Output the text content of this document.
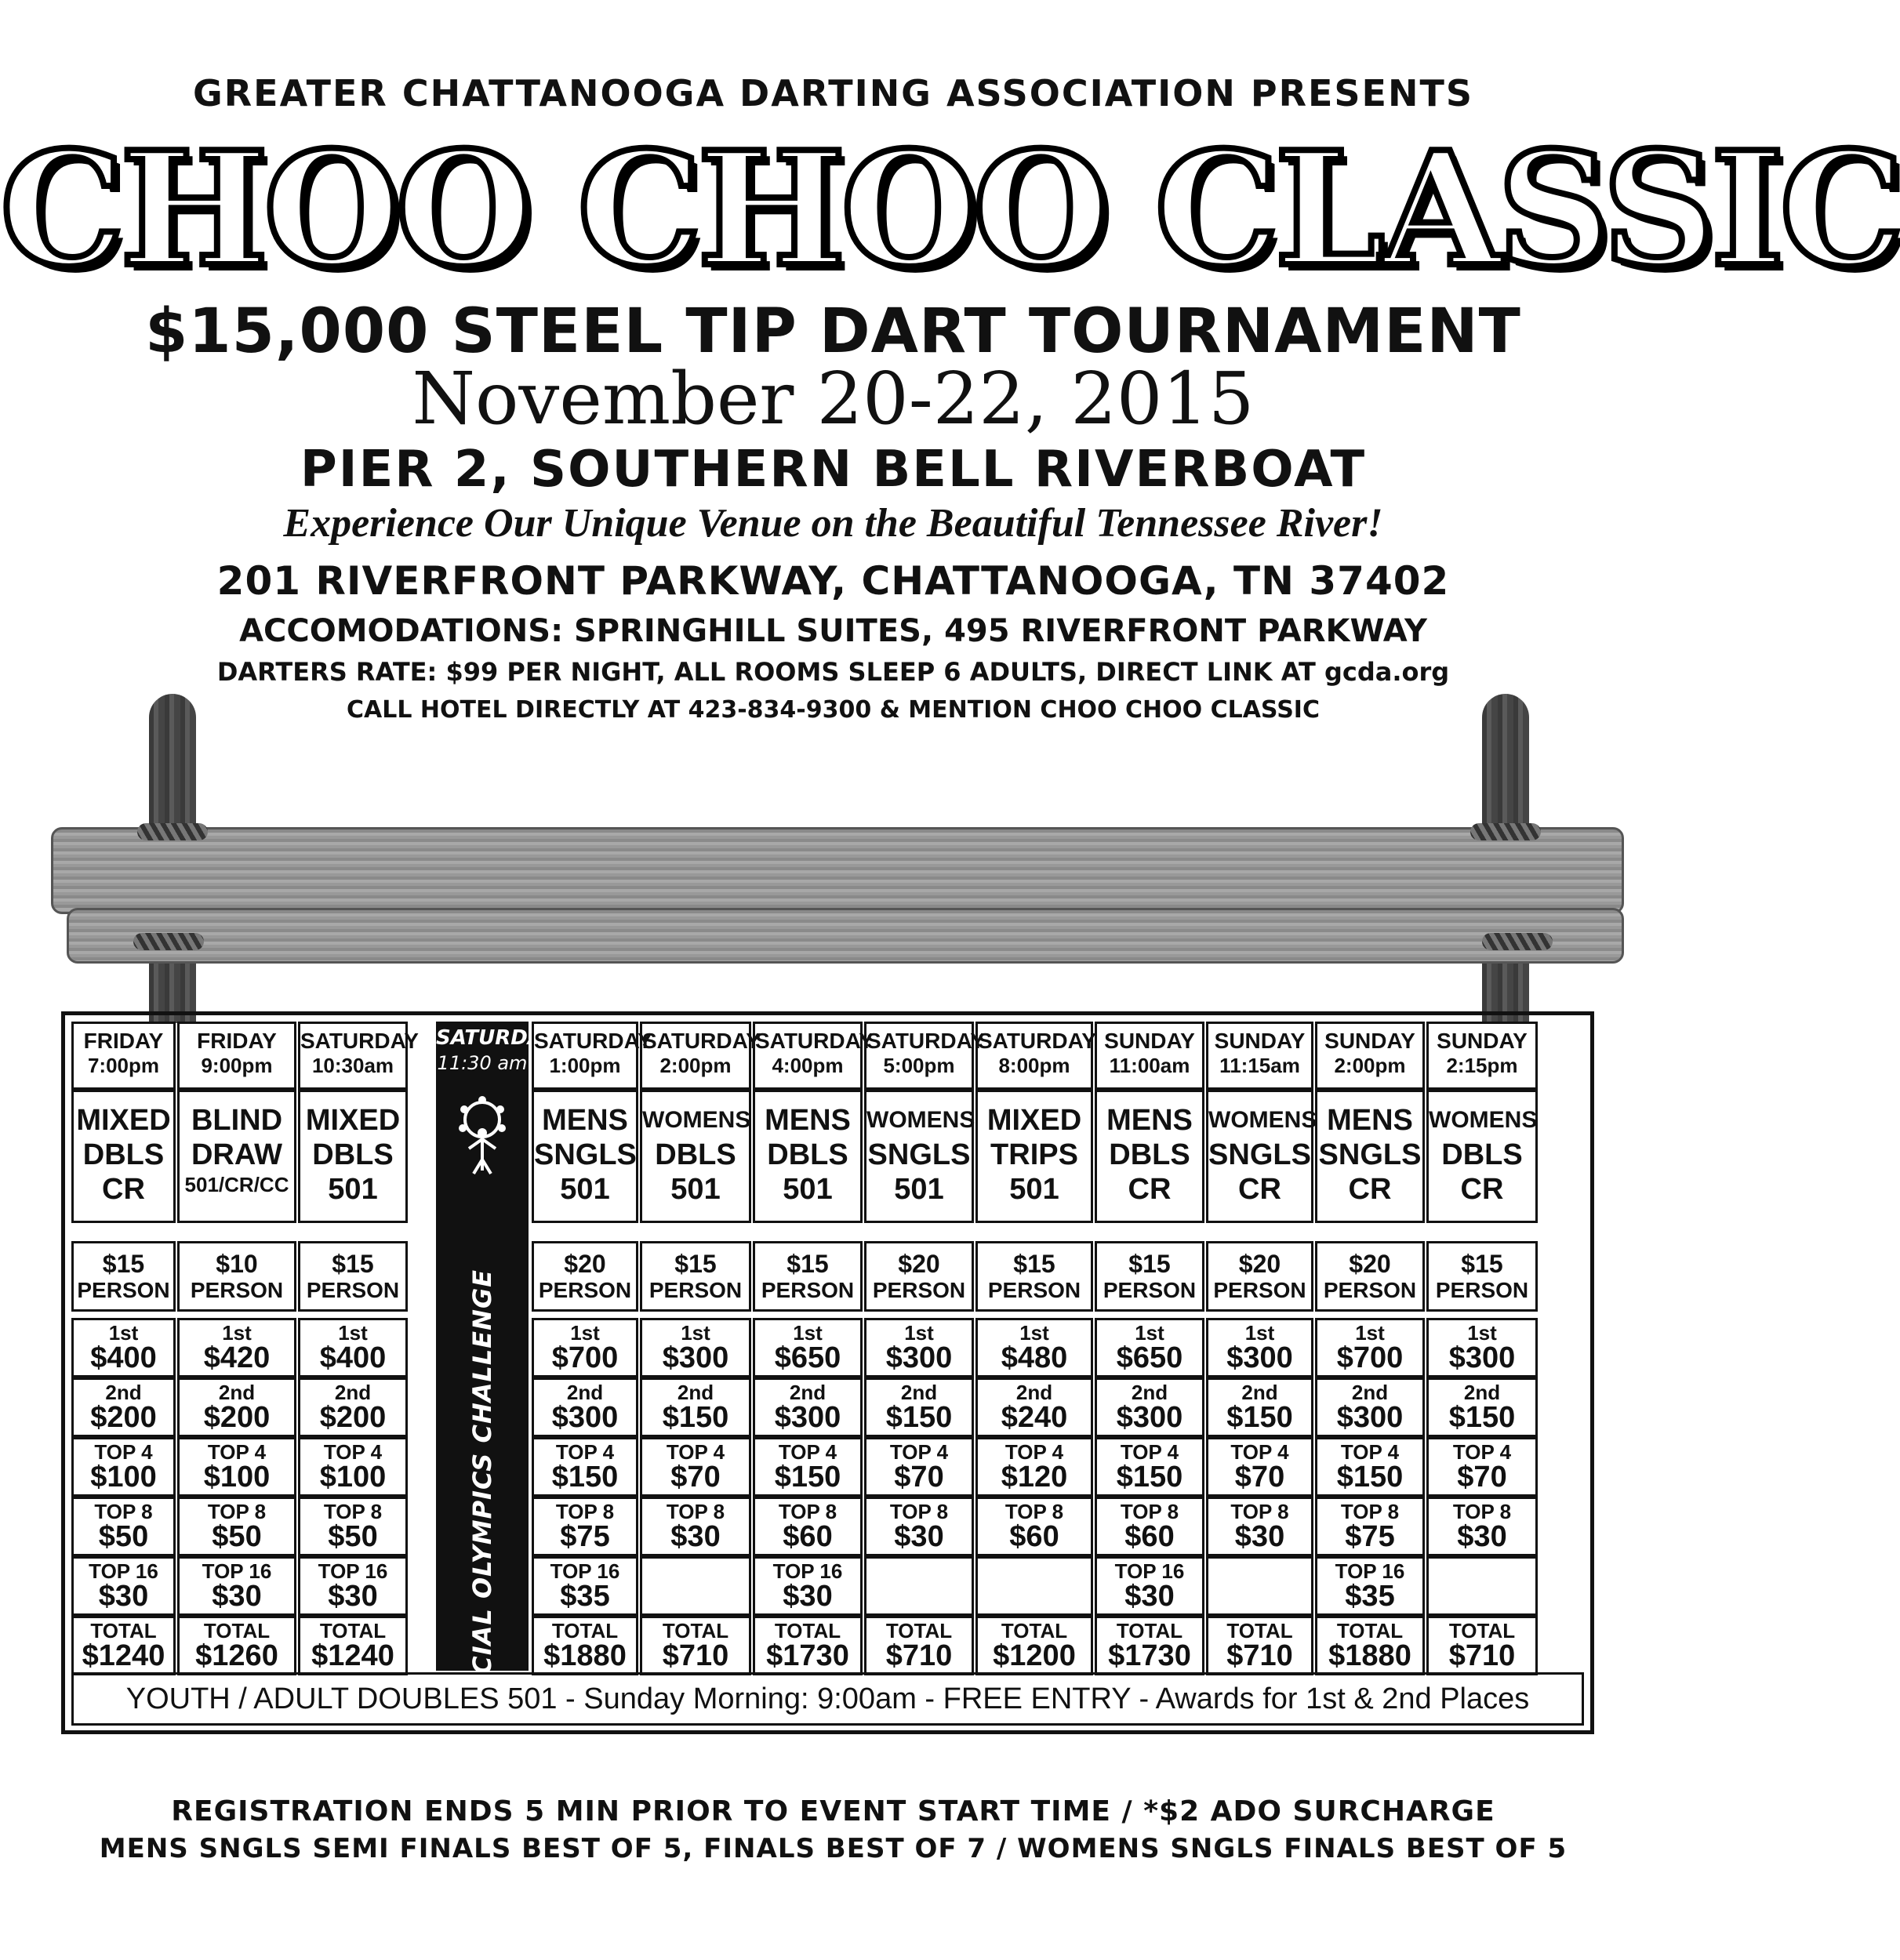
GREATER CHATTANOOGA DARTING ASSOCIATION PRESENTS
CHOO CHOO CLASSIC
$15,000 STEEL TIP DART TOURNAMENT
November 20-22, 2015
PIER 2, SOUTHERN BELL RIVERBOAT
Experience Our Unique Venue on the Beautiful Tennessee River!
201 RIVERFRONT PARKWAY, CHATTANOOGA, TN 37402
ACCOMODATIONS: SPRINGHILL SUITES, 495 RIVERFRONT PARKWAY
DARTERS RATE: $99 PER NIGHT, ALL ROOMS SLEEP 6 ADULTS, DIRECT LINK AT gcda.org
CALL HOTEL DIRECTLY AT 423-834-9300 & MENTION CHOO CHOO CLASSIC
SATURDAY
11:30 am
SPECIAL OLYMPICS CHALLENGE
YOUTH / ADULT DOUBLES 501 - Sunday Morning: 9:00am - FREE ENTRY - Awards for 1st & 2nd Places
FRIDAY
7:00pm
MIXED
DBLS
CR
$15
PERSON
1st
$400
2nd
$200
TOP 4
$100
TOP 8
$50
TOP 16
$30
TOTAL
$1240
FRIDAY
9:00pm
BLIND
DRAW
501/CR/CC
$10
PERSON
1st
$420
2nd
$200
TOP 4
$100
TOP 8
$50
TOP 16
$30
TOTAL
$1260
SATURDAY
10:30am
MIXED
DBLS
501
$15
PERSON
1st
$400
2nd
$200
TOP 4
$100
TOP 8
$50
TOP 16
$30
TOTAL
$1240
SATURDAY
1:00pm
MENS
SNGLS
501
$20
PERSON
1st
$700
2nd
$300
TOP 4
$150
TOP 8
$75
TOP 16
$35
TOTAL
$1880
SATURDAY
2:00pm
WOMENS
DBLS
501
$15
PERSON
1st
$300
2nd
$150
TOP 4
$70
TOP 8
$30
TOTAL
$710
SATURDAY
4:00pm
MENS
DBLS
501
$15
PERSON
1st
$650
2nd
$300
TOP 4
$150
TOP 8
$60
TOP 16
$30
TOTAL
$1730
SATURDAY
5:00pm
WOMENS
SNGLS
501
$20
PERSON
1st
$300
2nd
$150
TOP 4
$70
TOP 8
$30
TOTAL
$710
SATURDAY
8:00pm
MIXED
TRIPS
501
$15
PERSON
1st
$480
2nd
$240
TOP 4
$120
TOP 8
$60
TOTAL
$1200
SUNDAY
11:00am
MENS
DBLS
CR
$15
PERSON
1st
$650
2nd
$300
TOP 4
$150
TOP 8
$60
TOP 16
$30
TOTAL
$1730
SUNDAY
11:15am
WOMENS
SNGLS
CR
$20
PERSON
1st
$300
2nd
$150
TOP 4
$70
TOP 8
$30
TOTAL
$710
SUNDAY
2:00pm
MENS
SNGLS
CR
$20
PERSON
1st
$700
2nd
$300
TOP 4
$150
TOP 8
$75
TOP 16
$35
TOTAL
$1880
SUNDAY
2:15pm
WOMENS
DBLS
CR
$15
PERSON
1st
$300
2nd
$150
TOP 4
$70
TOP 8
$30
TOTAL
$710
REGISTRATION ENDS 5 MIN PRIOR TO EVENT START TIME / *$2 ADO SURCHARGE
MENS SNGLS SEMI FINALS BEST OF 5, FINALS BEST OF 7 / WOMENS SNGLS FINALS BEST OF 5
